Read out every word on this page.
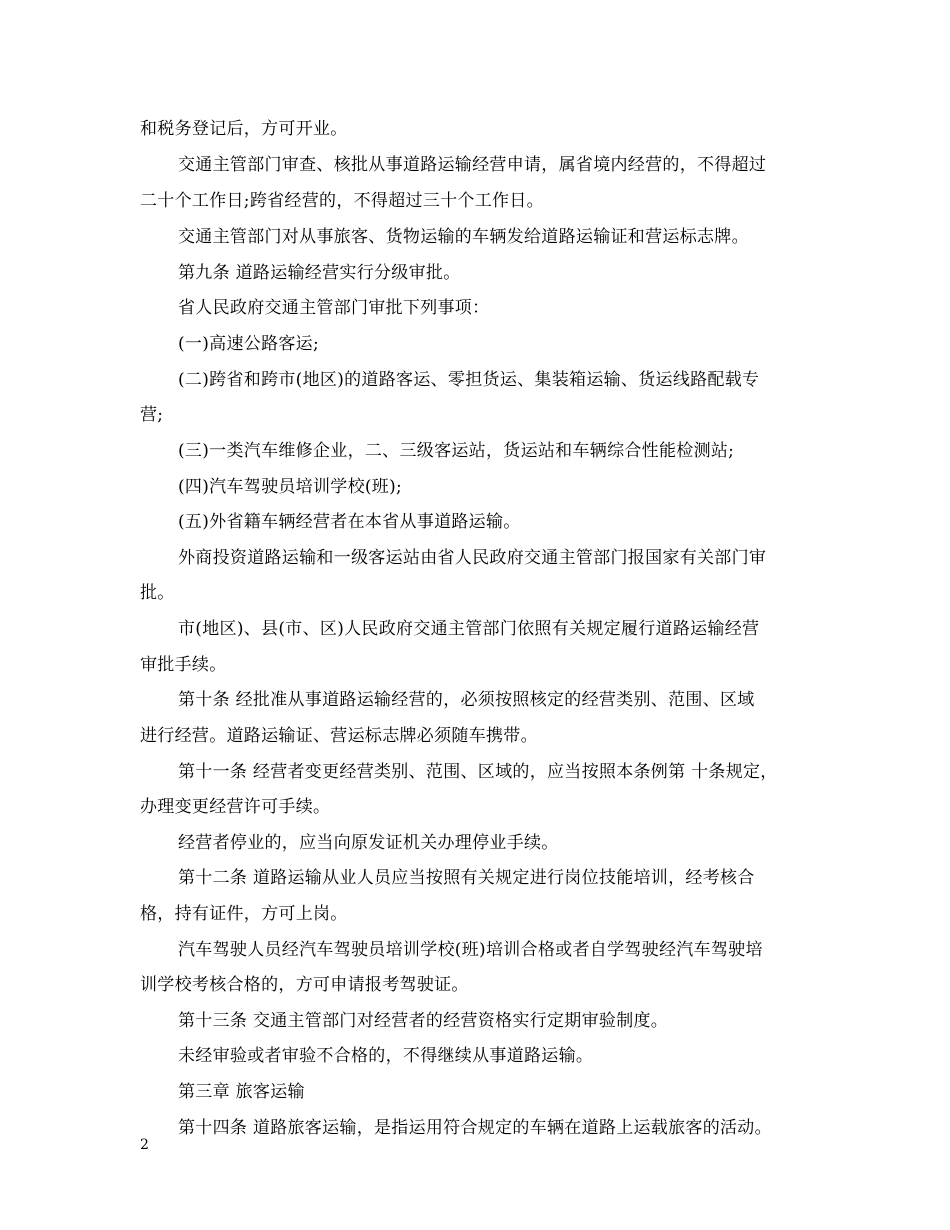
和税务登记后，方可开业。
交通主管部门审查、核批从事道路运输经营申请，属省境内经营的，不得超过
二十个工作日;跨省经营的，不得超过三十个工作日。
交通主管部门对从事旅客、货物运输的车辆发给道路运输证和营运标志牌。
第九条 道路运输经营实行分级审批。
省人民政府交通主管部门审批下列事项：
(一)高速公路客运;
(二)跨省和跨市(地区)的道路客运、零担货运、集装箱运输、货运线路配载专
营;
(三)一类汽车维修企业，二、三级客运站，货运站和车辆综合性能检测站;
(四)汽车驾驶员培训学校(班);
(五)外省籍车辆经营者在本省从事道路运输。
外商投资道路运输和一级客运站由省人民政府交通主管部门报国家有关部门审
批。
市(地区)、县(市、区)人民政府交通主管部门依照有关规定履行道路运输经营
审批手续。
第十条 经批准从事道路运输经营的，必须按照核定的经营类别、范围、区域
进行经营。道路运输证、营运标志牌必须随车携带。
第十一条 经营者变更经营类别、范围、区域的，应当按照本条例第 十条规定，
办理变更经营许可手续。
经营者停业的，应当向原发证机关办理停业手续。
第十二条 道路运输从业人员应当按照有关规定进行岗位技能培训，经考核合
格，持有证件，方可上岗。
汽车驾驶人员经汽车驾驶员培训学校(班)培训合格或者自学驾驶经汽车驾驶培
训学校考核合格的，方可申请报考驾驶证。
第十三条 交通主管部门对经营者的经营资格实行定期审验制度。
未经审验或者审验不合格的，不得继续从事道路运输。
第三章 旅客运输
第十四条 道路旅客运输，是指运用符合规定的车辆在道路上运载旅客的活动。
2
